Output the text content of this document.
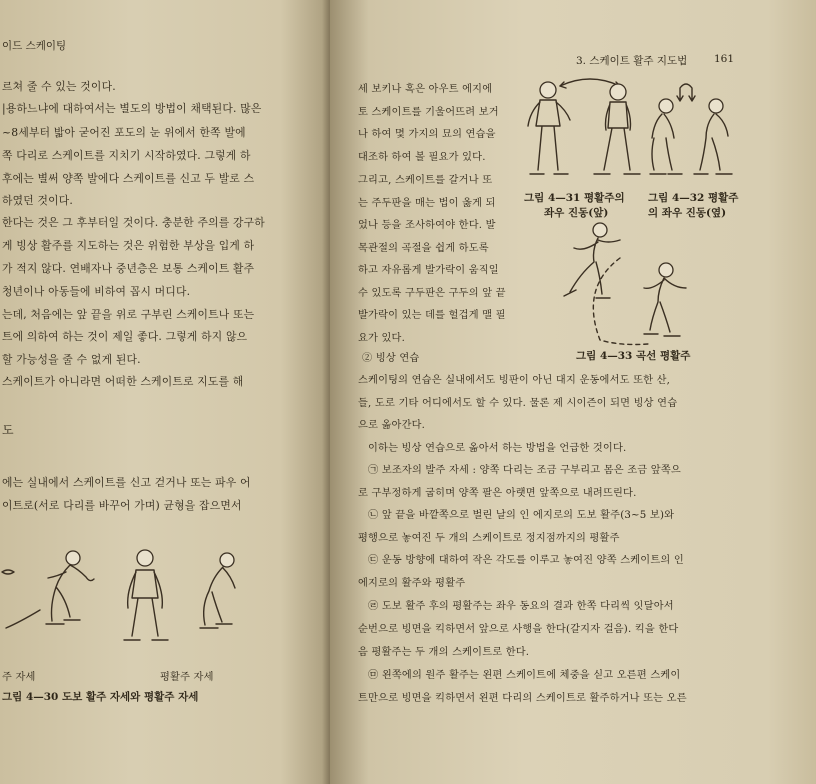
이드 스케이팅
르쳐 줄 수 있는 것이다.
|용하느냐에 대하여서는 별도의 방법이 채택된다. 많은
~8세부터 밟아 굳어진 포도의 눈 위에서 한쪽 발에
쪽 다리로 스케이트를 지치기 시작하였다. 그렇게 하
후에는 별써 양쪽 발에다 스케이트를 신고 두 발로 스
하였던 것이다.
한다는 것은 그 후부터일 것이다. 충분한 주의를 강구하
게 빙상 활주를 지도하는 것은 위험한 부상을 입게 하
가 적지 않다. 연배자나 중년층은 보통 스케이트 활주
청년이나 아동들에 비하여 꼽시 머디다.
는데, 처음에는 앞 끝을 위로 구부린 스케이트나 또는
트에 의하여 하는 것이 제일 좋다. 그렇게 하지 않으
할 가능성을 줄 수 없게 된다.
스케이트가 아니라면 어떠한 스케이트로 지도를 해
도
에는 실내에서 스케이트를 신고 걷거나 또는 파우 어
이트로(서로 다리를 바꾸어 가며) 균형을 잡으면서
주 자세	평활주 자세
그림 4—30 도보 활주 자세와 평활주 자세
3. 스케이트 활주 지도법	161
세 보키나 혹은 아우트 에지에
토 스케이트를 기울어뜨려 보거
나 하여 몇 가지의 묘의 연습을
대조하 하여 볼 필요가 있다.
그리고, 스케이트를 갈거나 또
는 주두판을 매는 법이 옳게 되
었나 등을 조사하여야 한다. 발
목관절의 곡절을 쉽게 하도록
하고 자유롭게 발가락이 움직일
수 있도록 구두판은 구두의 앞 끝
발가락이 있는 데를 헐겁게 맬 필
요가 있다.
그림 4—31 평활주의
좌우 진동(앞)
그림 4—32 평활주
의 좌우 진동(옆)
그림 4—33 곡선 평활주
② 빙상 연습
스케이팅의 연습은 실내에서도 빙판이 아닌 대지 운동에서도 또한 산,
들, 도로 기타 어디에서도 할 수 있다. 물론 제 시이즌이 되면 빙상 연습
으로 옮아간다.
이하는 빙상 연습으로 옮아서 하는 방법을 언급한 것이다.
㉠ 보조자의 발주 자세 : 양쪽 다리는 조금 구부리고 몸은 조금 앞쪽으
로 구부정하게 굽히며 양쪽 팔은 아랫면 앞쪽으로 내려뜨린다.
㉡ 앞 끝을 바깥쪽으로 벌린 날의 인 에지로의 도보 활주(3~5 보)와
평행으로 놓여진 두 개의 스케이트로 정지점까지의 평활주
㉢ 운동 방향에 대하여 작은 각도를 이루고 놓여진 양쪽 스케이트의 인
에지로의 활주와 평활주
㉣ 도보 활주 후의 평활주는 좌우 동요의 결과 한쪽 다리씩 잇달아서
순번으로 빙면을 킥하면서 앞으로 사행을 한다(갈지자 걸음). 킥을 한다
음 평활주는 두 개의 스케이트로 한다.
㉤ 왼쪽에의 원주 활주는 왼편 스케이트에 체중을 싣고 오른편 스케이
트만으로 빙면을 킥하면서 왼편 다리의 스케이트로 활주하거나 또는 오른
